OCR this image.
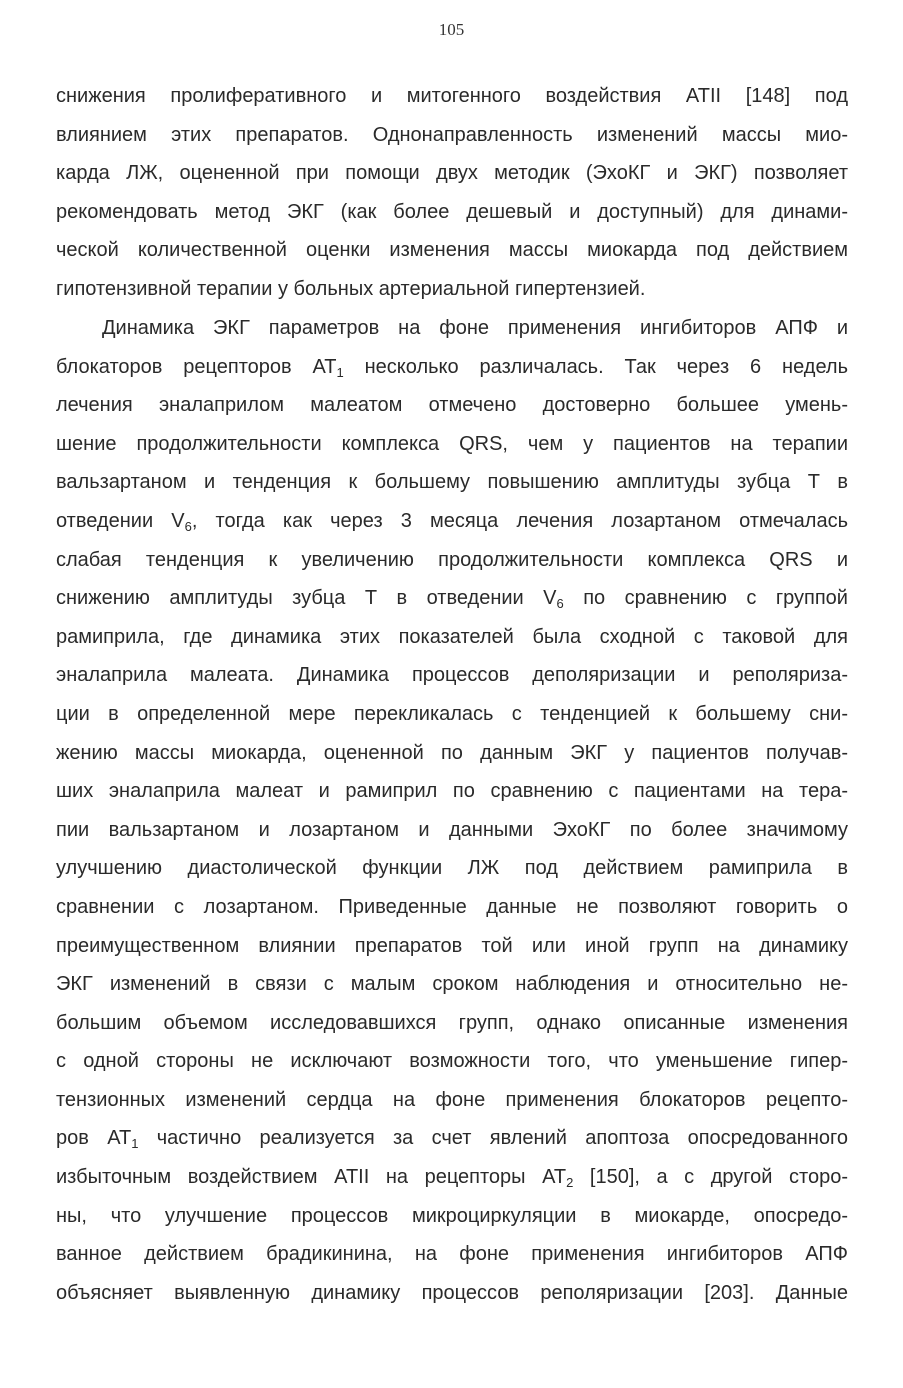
105
снижения пролиферативного и митогенного воздействия ATII [148] под
влиянием этих препаратов. Однонаправленность изменений массы мио-
карда ЛЖ, оцененной при помощи двух методик (ЭхоКГ и ЭКГ) позволяет
рекомендовать метод ЭКГ (как более дешевый и доступный) для динами-
ческой количественной оценки изменения массы миокарда под действием
гипотензивной терапии у больных артериальной гипертензией.
Динамика ЭКГ параметров на фоне применения ингибиторов АПФ и
блокаторов рецепторов $АТ_1$ несколько различалась. Так через 6 недель
лечения эналаприлом малеатом отмечено достоверно большее умень-
шение продолжительности комплекса QRS, чем у пациентов на терапии
вальзартаном и тенденция к большему повышению амплитуды зубца Т в
отведении $V_6$, тогда как через 3 месяца лечения лозартаном отмечалась
слабая тенденция к увеличению продолжительности комплекса QRS и
снижению амплитуды зубца Т в отведении $V_6$ по сравнению с группой
рамиприла, где динамика этих показателей была сходной с таковой для
эналаприла малеата. Динамика процессов деполяризации и реполяриза-
ции в определенной мере перекликалась с тенденцией к большему сни-
жению массы миокарда, оцененной по данным ЭКГ у пациентов получав-
ших эналаприла малеат и рамиприл по сравнению с пациентами на тера-
пии вальзартаном и лозартаном и данными ЭхоКГ по более значимому
улучшению диастолической функции ЛЖ под действием рамиприла в
сравнении с лозартаном. Приведенные данные не позволяют говорить о
преимущественном влиянии препаратов той или иной групп на динамику
ЭКГ изменений в связи с малым сроком наблюдения и относительно не-
большим объемом исследовавшихся групп, однако описанные изменения
с одной стороны не исключают возможности того, что уменьшение гипер-
тензионных изменений сердца на фоне применения блокаторов рецепто-
ров $АТ_1$ частично реализуется за счет явлений апоптоза опосредованного
избыточным воздействием ATII на рецепторы $АТ_2$ [150], а с другой сторо-
ны, что улучшение процессов микроциркуляции в миокарде, опосредо-
ванное действием брадикинина, на фоне применения ингибиторов АПФ
объясняет выявленную динамику процессов реполяризации [203]. Данные
